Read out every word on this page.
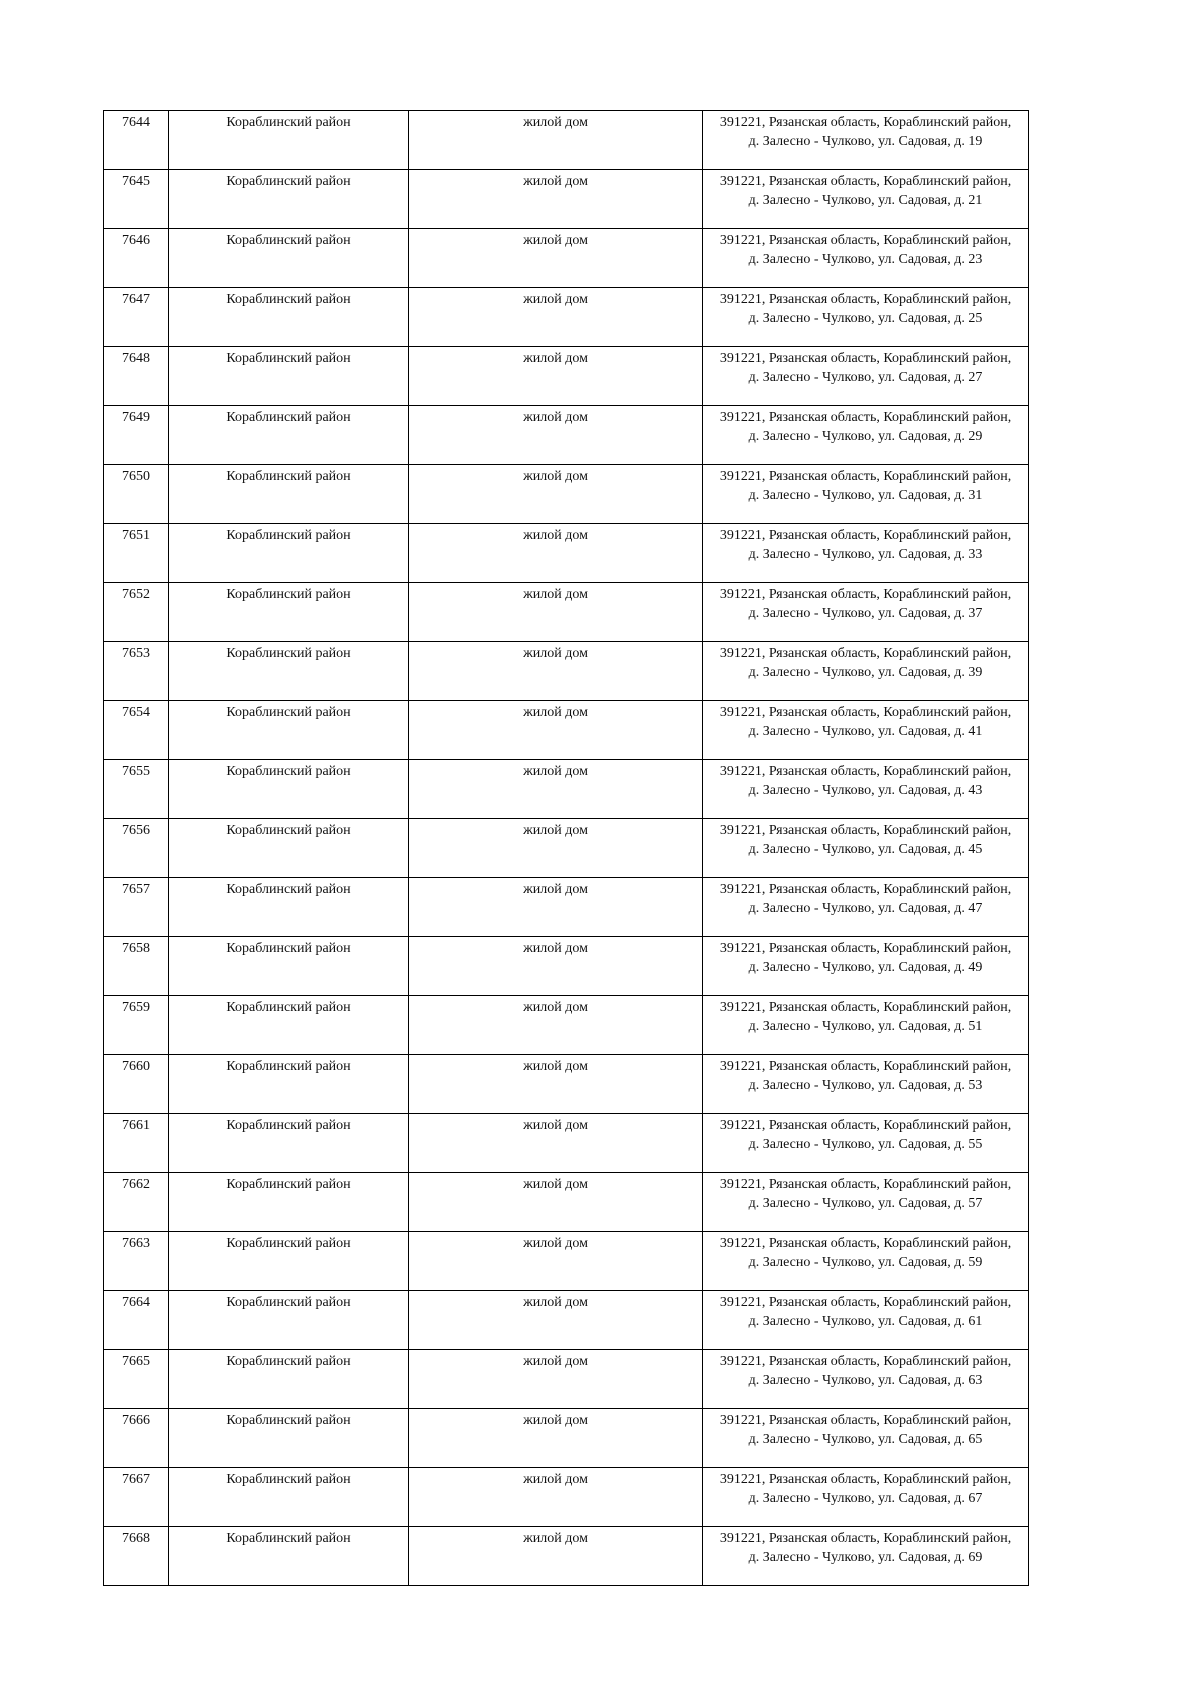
7644	Кораблинский район	жилой дом	391221, Рязанская область, Кораблинский район,
д. Залесно - Чулково, ул. Садовая, д. 19

7645	Кораблинский район	жилой дом	391221, Рязанская область, Кораблинский район,
д. Залесно - Чулково, ул. Садовая, д. 21

7646	Кораблинский район	жилой дом	391221, Рязанская область, Кораблинский район,
д. Залесно - Чулково, ул. Садовая, д. 23

7647	Кораблинский район	жилой дом	391221, Рязанская область, Кораблинский район,
д. Залесно - Чулково, ул. Садовая, д. 25

7648	Кораблинский район	жилой дом	391221, Рязанская область, Кораблинский район,
д. Залесно - Чулково, ул. Садовая, д. 27

7649	Кораблинский район	жилой дом	391221, Рязанская область, Кораблинский район,
д. Залесно - Чулково, ул. Садовая, д. 29

7650	Кораблинский район	жилой дом	391221, Рязанская область, Кораблинский район,
д. Залесно - Чулково, ул. Садовая, д. 31

7651	Кораблинский район	жилой дом	391221, Рязанская область, Кораблинский район,
д. Залесно - Чулково, ул. Садовая, д. 33

7652	Кораблинский район	жилой дом	391221, Рязанская область, Кораблинский район,
д. Залесно - Чулково, ул. Садовая, д. 37

7653	Кораблинский район	жилой дом	391221, Рязанская область, Кораблинский район,
д. Залесно - Чулково, ул. Садовая, д. 39

7654	Кораблинский район	жилой дом	391221, Рязанская область, Кораблинский район,
д. Залесно - Чулково, ул. Садовая, д. 41

7655	Кораблинский район	жилой дом	391221, Рязанская область, Кораблинский район,
д. Залесно - Чулково, ул. Садовая, д. 43

7656	Кораблинский район	жилой дом	391221, Рязанская область, Кораблинский район,
д. Залесно - Чулково, ул. Садовая, д. 45

7657	Кораблинский район	жилой дом	391221, Рязанская область, Кораблинский район,
д. Залесно - Чулково, ул. Садовая, д. 47

7658	Кораблинский район	жилой дом	391221, Рязанская область, Кораблинский район,
д. Залесно - Чулково, ул. Садовая, д. 49

7659	Кораблинский район	жилой дом	391221, Рязанская область, Кораблинский район,
д. Залесно - Чулково, ул. Садовая, д. 51

7660	Кораблинский район	жилой дом	391221, Рязанская область, Кораблинский район,
д. Залесно - Чулково, ул. Садовая, д. 53

7661	Кораблинский район	жилой дом	391221, Рязанская область, Кораблинский район,
д. Залесно - Чулково, ул. Садовая, д. 55

7662	Кораблинский район	жилой дом	391221, Рязанская область, Кораблинский район,
д. Залесно - Чулково, ул. Садовая, д. 57

7663	Кораблинский район	жилой дом	391221, Рязанская область, Кораблинский район,
д. Залесно - Чулково, ул. Садовая, д. 59

7664	Кораблинский район	жилой дом	391221, Рязанская область, Кораблинский район,
д. Залесно - Чулково, ул. Садовая, д. 61

7665	Кораблинский район	жилой дом	391221, Рязанская область, Кораблинский район,
д. Залесно - Чулково, ул. Садовая, д. 63

7666	Кораблинский район	жилой дом	391221, Рязанская область, Кораблинский район,
д. Залесно - Чулково, ул. Садовая, д. 65

7667	Кораблинский район	жилой дом	391221, Рязанская область, Кораблинский район,
д. Залесно - Чулково, ул. Садовая, д. 67

7668	Кораблинский район	жилой дом	391221, Рязанская область, Кораблинский район,
д. Залесно - Чулково, ул. Садовая, д. 69
